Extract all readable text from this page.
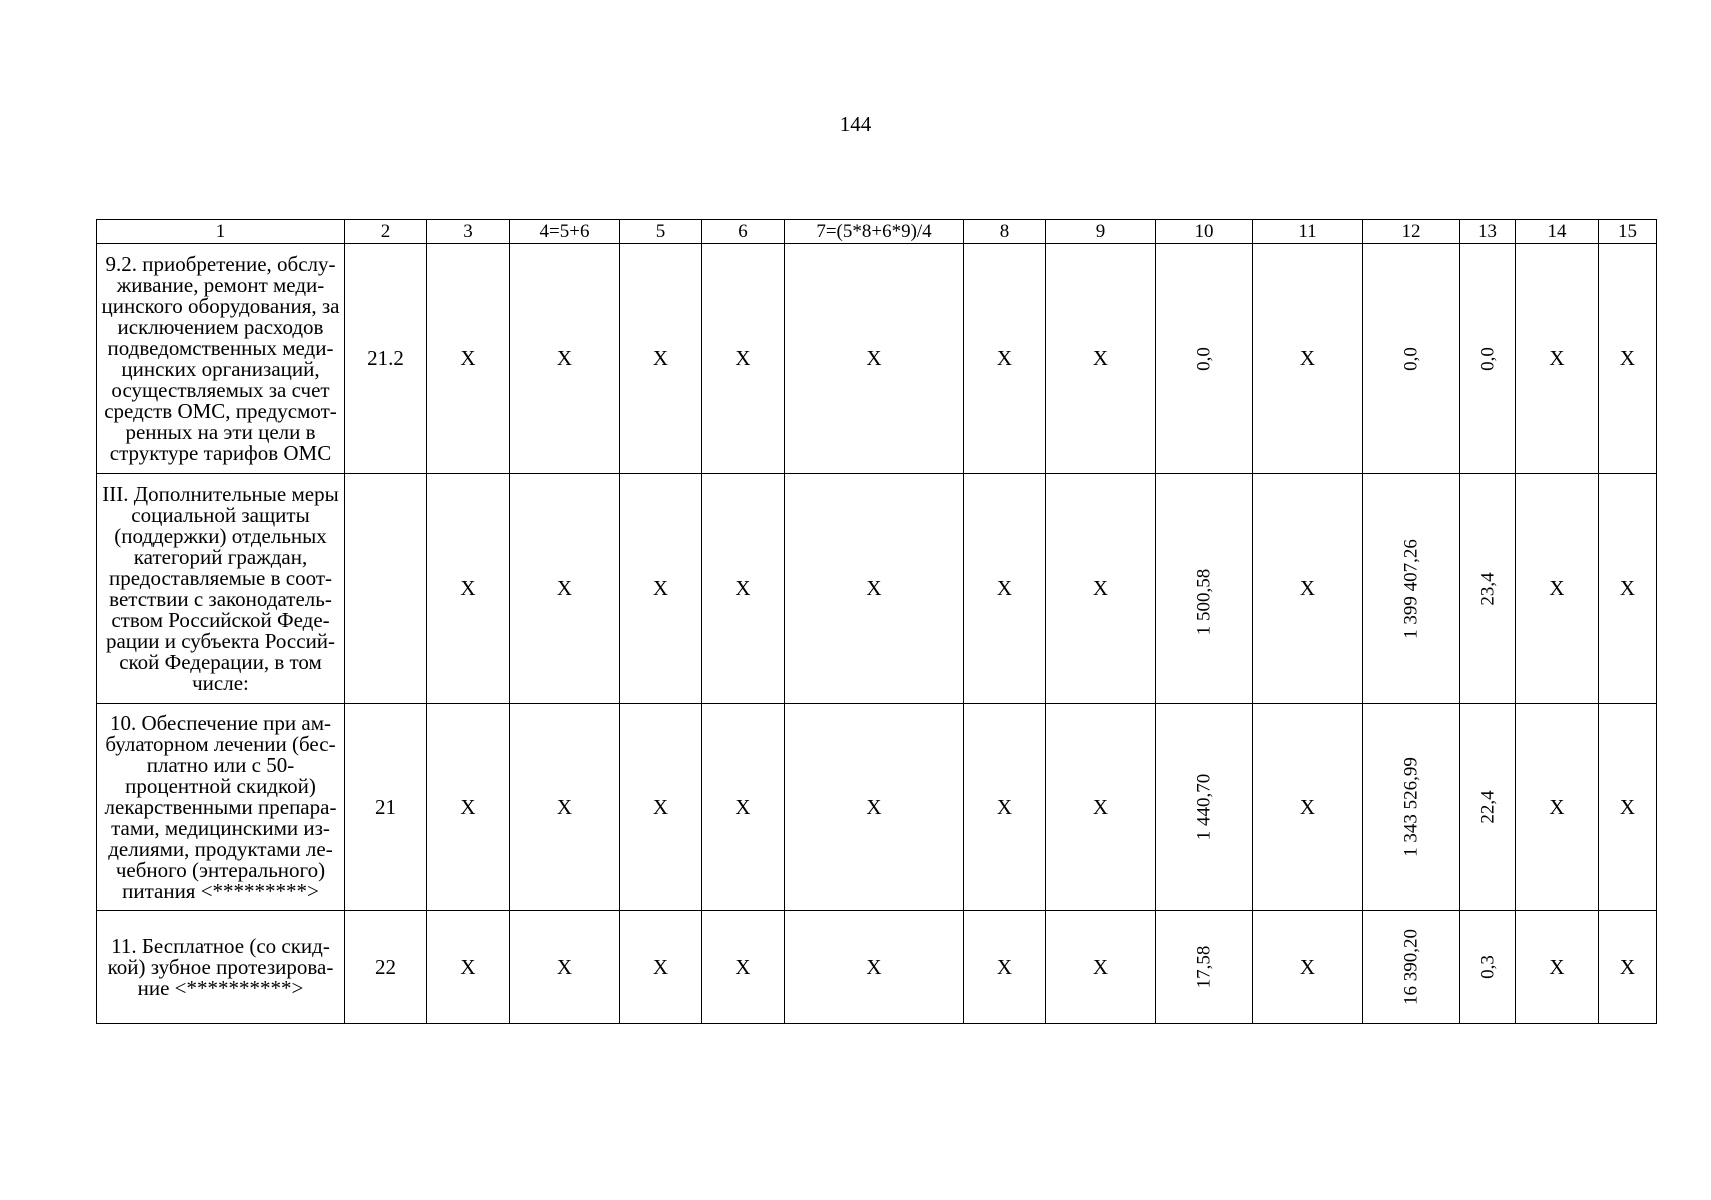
144
1	2	3	4=5+6	5	6	7=(5*8+6*9)/4	8	9	10	11	12	13	14	15
9.2. приобретение, обслу-живание, ремонт меди-цинского оборудования, за исключением расходов подведомственных меди-цинских организаций, осуществляемых за счет средств ОМС, предусмот-ренных на эти цели в структуре тарифов ОМС	21.2	X	X	X	X	X	X	X	0,0	X	0,0	0,0	X	X
III. Дополнительные меры социальной защиты (поддержки) отдельных категорий граждан, предоставляемые в соот-ветствии с законодатель-ством Российской Феде-рации и субъекта Россий-ской Федерации, в том числе:		X	X	X	X	X	X	X	1 500,58	X	1 399 407,26	23,4	X	X
10. Обеспечение при ам-булаторном лечении (бес-платно или с 50-процентной скидкой) лекарственными препара-тами, медицинскими из-делиями, продуктами ле-чебного (энтерального) питания <*********>	21	X	X	X	X	X	X	X	1 440,70	X	1 343 526,99	22,4	X	X
11. Бесплатное (со скид-кой) зубное протезирова-ние <**********>	22	X	X	X	X	X	X	X	17,58	X	16 390,20	0,3	X	X
